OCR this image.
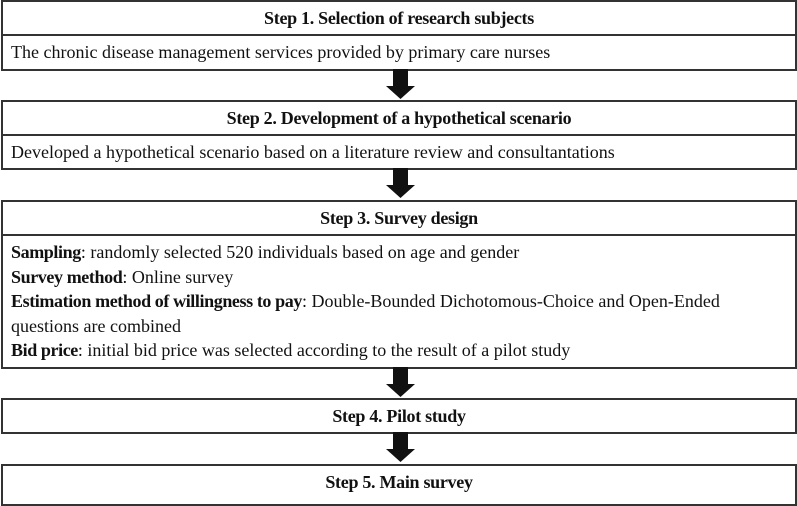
Step 1. Selection of research subjects
The chronic disease management services provided by primary care nurses
Step 2. Development of a hypothetical scenario
Developed a hypothetical scenario based on a literature review and consultantations
Step 3. Survey design
Sampling: randomly selected 520 individuals based on age and gender
Survey method: Online survey
Estimation method of willingness to pay: Double-Bounded Dichotomous-Choice and Open-Ended questions are combined
Bid price: initial bid price was selected according to the result of a pilot study
Step 4. Pilot study
Step 5. Main survey
